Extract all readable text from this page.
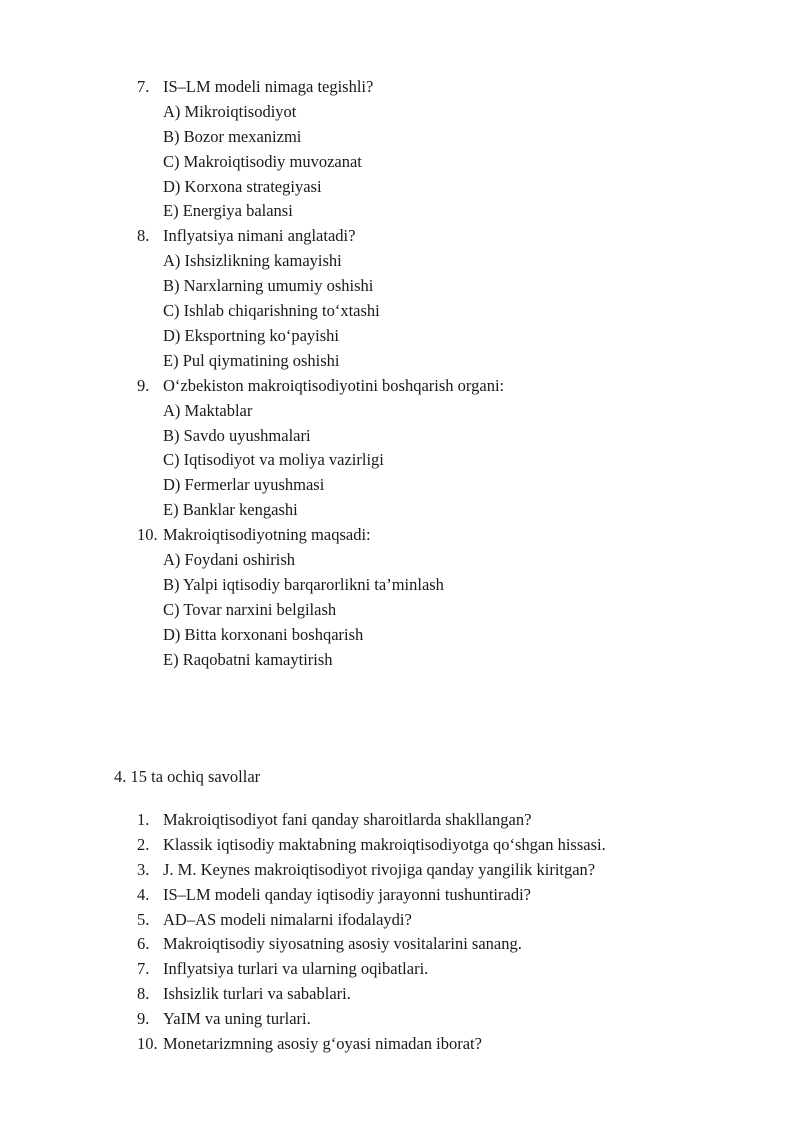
7. IS–LM modeli nimaga tegishli?
A) Mikroiqtisodiyot
B) Bozor mexanizmi
C) Makroiqtisodiy muvozanat
D) Korxona strategiyasi
E) Energiya balansi
8. Inflyatsiya nimani anglatadi?
A) Ishsizlikning kamayishi
B) Narxlarning umumiy oshishi
C) Ishlab chiqarishning to‘xtashi
D) Eksportning ko‘payishi
E) Pul qiymatining oshishi
9. O‘zbekiston makroiqtisodiyotini boshqarish organi:
A) Maktablar
B) Savdo uyushmalari
C) Iqtisodiyot va moliya vazirligi
D) Fermerlar uyushmasi
E) Banklar kengashi
10. Makroiqtisodiyotning maqsadi:
A) Foydani oshirish
B) Yalpi iqtisodiy barqarorlikni ta’minlash
C) Tovar narxini belgilash
D) Bitta korxonani boshqarish
E) Raqobatni kamaytirish
4. 15 ta ochiq savollar
1. Makroiqtisodiyot fani qanday sharoitlarda shakllangan?
2. Klassik iqtisodiy maktabning makroiqtisodiyotga qo‘shgan hissasi.
3. J. M. Keynes makroiqtisodiyot rivojiga qanday yangilik kiritgan?
4. IS–LM modeli qanday iqtisodiy jarayonni tushuntiradi?
5. AD–AS modeli nimalarni ifodalaydi?
6. Makroiqtisodiy siyosatning asosiy vositalarini sanang.
7. Inflyatsiya turlari va ularning oqibatlari.
8. Ishsizlik turlari va sabablari.
9. YaIM va uning turlari.
10. Monetarizmning asosiy g‘oyasi nimadan iborat?
